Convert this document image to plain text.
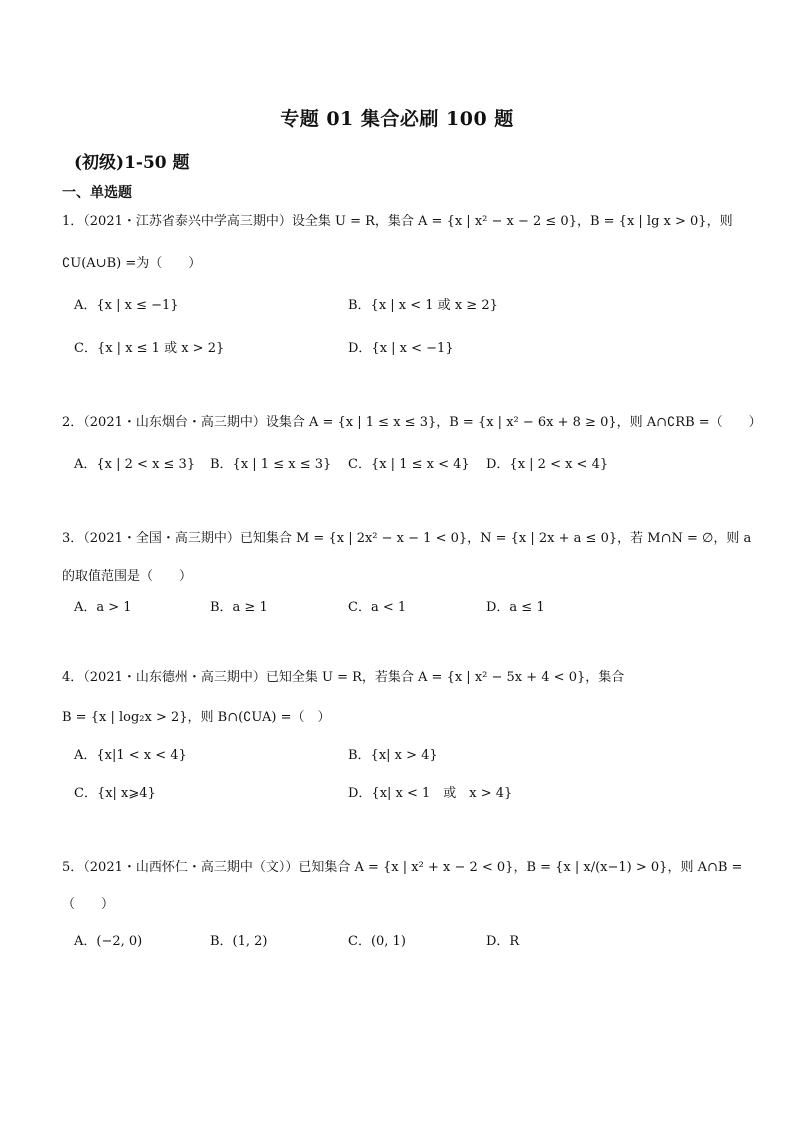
专题 01 集合必刷 100 题
(初级)1-50 题
一、单选题
1．（2021・江苏省泰兴中学高三期中）设全集 U = R，集合 A = {x | x² − x − 2 ≤ 0}，B = {x | lg x > 0}，则
∁U(A∪B) =为（　　）
A．{x | x ≤ −1}	B．{x | x < 1 或 x ≥ 2}
C．{x | x ≤ 1 或 x > 2}	D．{x | x < −1}
2．（2021・山东烟台・高三期中）设集合 A = {x | 1 ≤ x ≤ 3}，B = {x | x² − 6x + 8 ≥ 0}，则 A∩∁RB =（　　）
A．{x | 2 < x ≤ 3} B．{x | 1 ≤ x ≤ 3} C．{x | 1 ≤ x < 4} D．{x | 2 < x < 4}
3．（2021・全国・高三期中）已知集合 M = {x | 2x² − x − 1 < 0}，N = {x | 2x + a ≤ 0}，若 M∩N = ∅，则 a
的取值范围是（　　）
A．a > 1	B．a ≥ 1	C．a < 1	D．a ≤ 1
4．（2021・山东德州・高三期中）已知全集 U = R，若集合 A = {x | x² − 5x + 4 < 0}，集合
B = {x | log₂x > 2}，则 B∩(∁UA) =（　）
A．{x|1 < x < 4}	B．{x| x > 4}
C．{x| x⩾4}	D．{x| x < 1　或　x > 4}
5．（2021・山西怀仁・高三期中（文））已知集合 A = {x | x² + x − 2 < 0}，B = {x | x/(x−1) > 0}，则 A∩B =
（　　）
A．(−2, 0)	B．(1, 2)	C．(0, 1)	D．R
